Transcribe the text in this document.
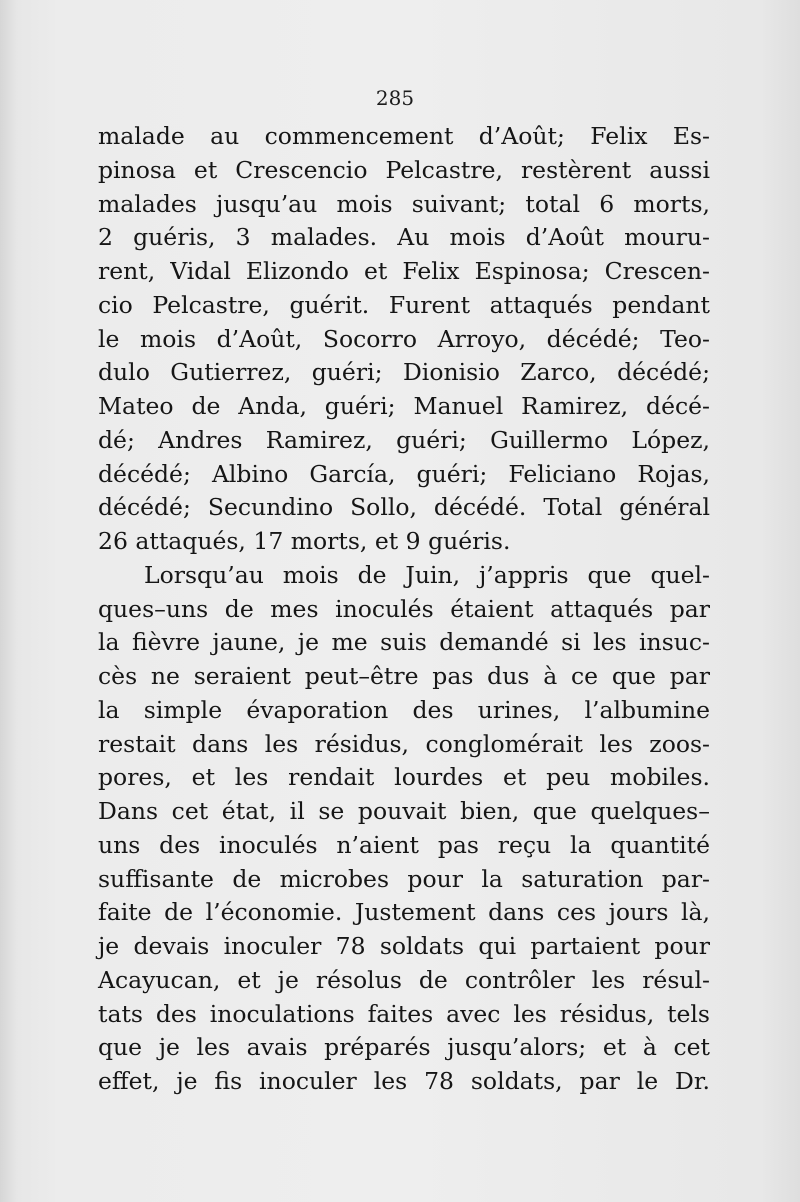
285
malade au commencement d’Août; Felix Es-
pinosa et Crescencio Pelcastre, restèrent aussi
malades jusqu’au mois suivant; total 6 morts,
2 guéris, 3 malades. Au mois d’Août mouru-
rent, Vidal Elizondo et Felix Espinosa; Crescen-
cio Pelcastre, guérit. Furent attaqués pendant
le mois d’Août, Socorro Arroyo, décédé; Teo-
dulo Gutierrez, guéri; Dionisio Zarco, décédé;
Mateo de Anda, guéri; Manuel Ramirez, décé-
dé; Andres Ramirez, guéri; Guillermo López,
décédé; Albino García, guéri; Feliciano Rojas,
décédé; Secundino Sollo, décédé. Total général
26 attaqués, 17 morts, et 9 guéris.
Lorsqu’au mois de Juin, j’appris que quel-
ques–uns de mes inoculés étaient attaqués par
la fièvre jaune, je me suis demandé si les insuc-
cès ne seraient peut–être pas dus à ce que par
la simple évaporation des urines, l’albumine
restait dans les résidus, conglomérait les zoos-
pores, et les rendait lourdes et peu mobiles.
Dans cet état, il se pouvait bien, que quelques–
uns des inoculés n’aient pas reçu la quantité
suffisante de microbes pour la saturation par-
faite de l’économie. Justement dans ces jours là,
je devais inoculer 78 soldats qui partaient pour
Acayucan, et je résolus de contrôler les résul-
tats des inoculations faites avec les résidus, tels
que je les avais préparés jusqu’alors; et à cet
effet, je fis inoculer les 78 soldats, par le Dr.
